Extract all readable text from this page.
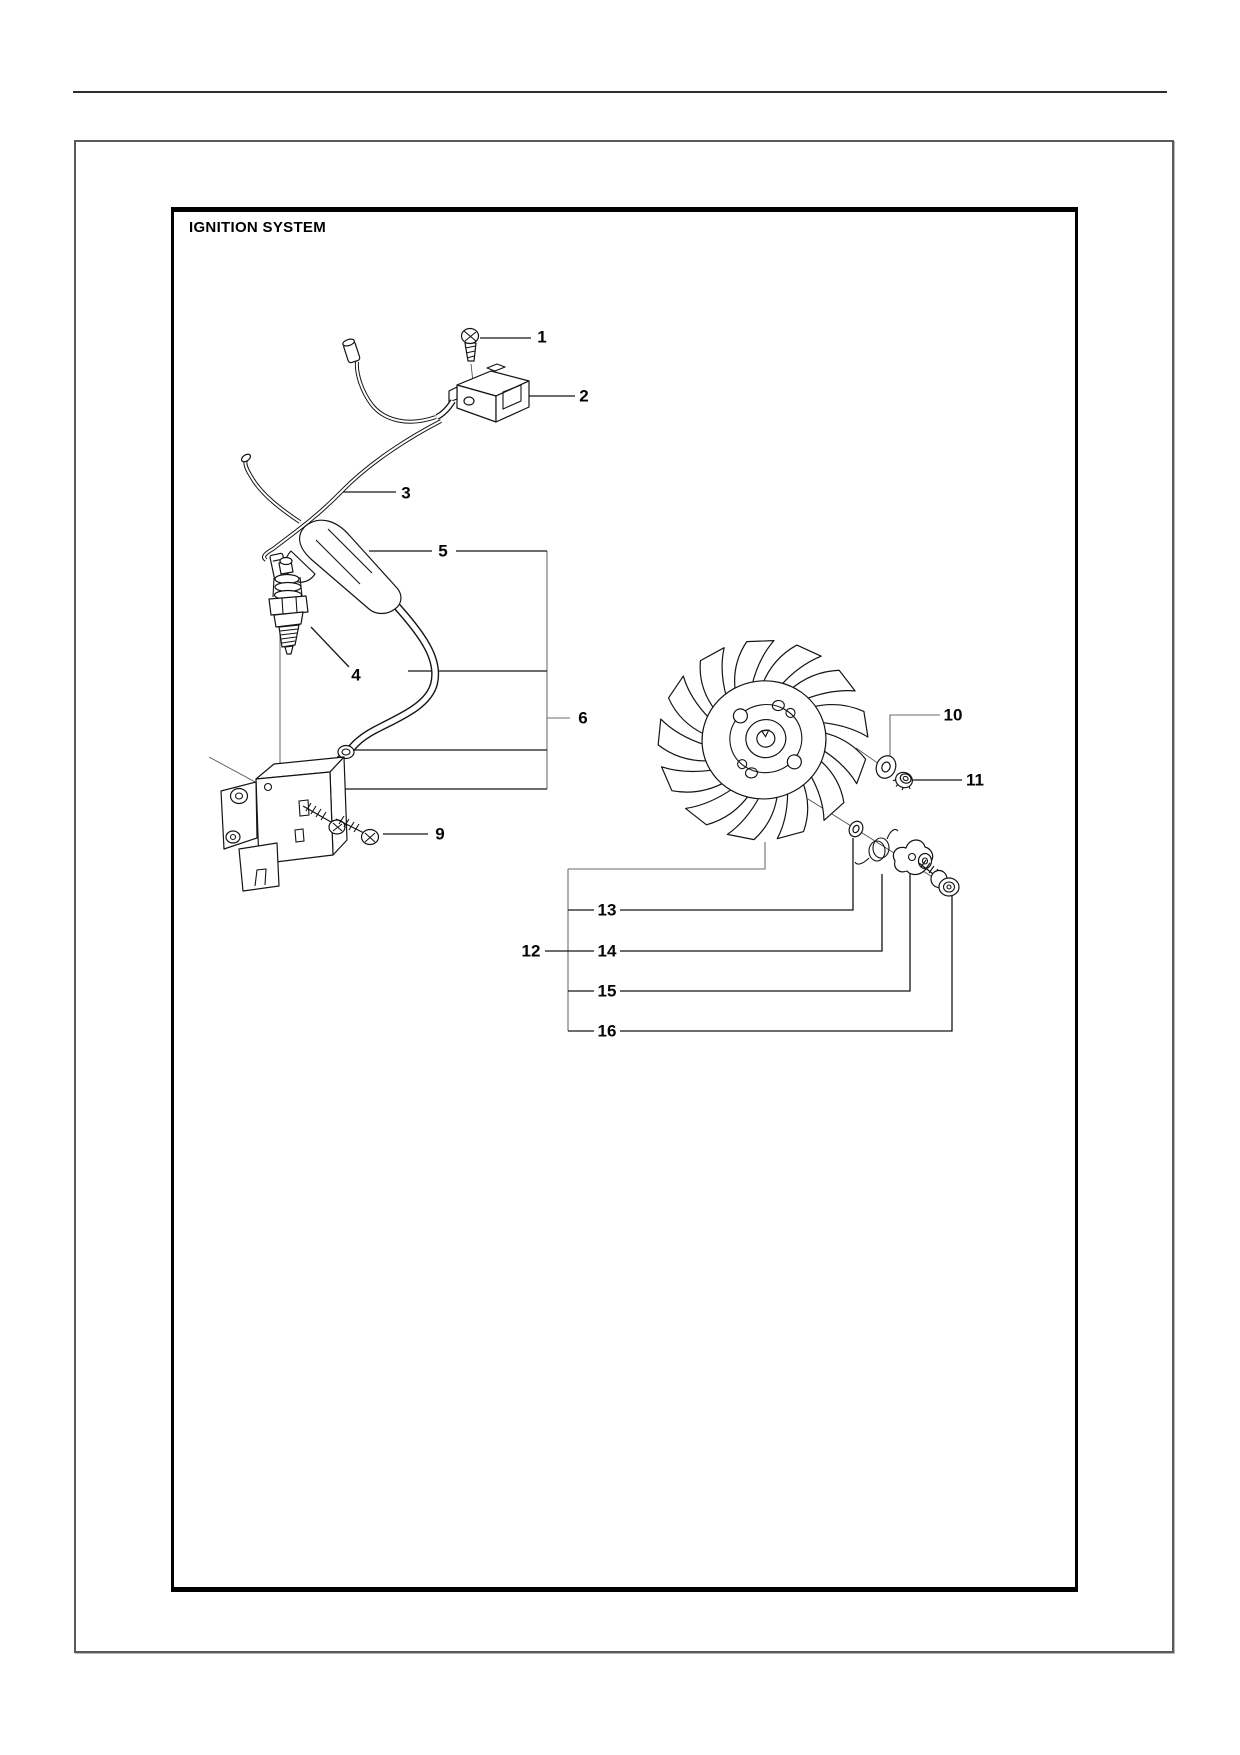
IGNITION SYSTEM
1
2
3
4
5
6
9
10
11
12
13
14
15
16
